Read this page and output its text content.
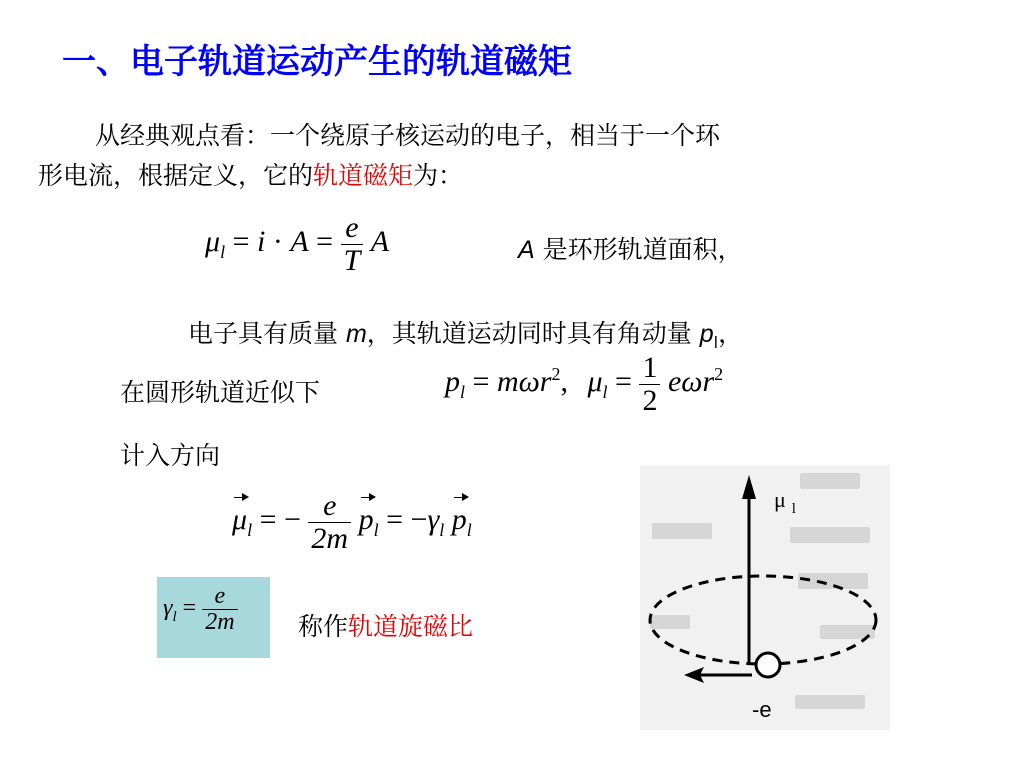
一、电子轨道运动产生的轨道磁矩
从经典观点看：一个绕原子核运动的电子，相当于一个环
形电流，根据定义，它的轨道磁矩为：
$\mu_l = i \cdot A = \frac{e}{T}$ A	A 是环形轨道面积，
电子具有质量 m，其轨道运动同时具有角动量 $p_l$，
在圆形轨道近似下	$p_l = m\omega r^2$, $\mu_l = \frac{1}{2} e\omega r^2$
计入方向
$\mu_l$ = − $\frac{e}{2m} p_l = -\gamma_l$ $p_l$
$\gamma_l = \frac{e}{2m}$ 称作轨道旋磁比
μ $_l$
-e
